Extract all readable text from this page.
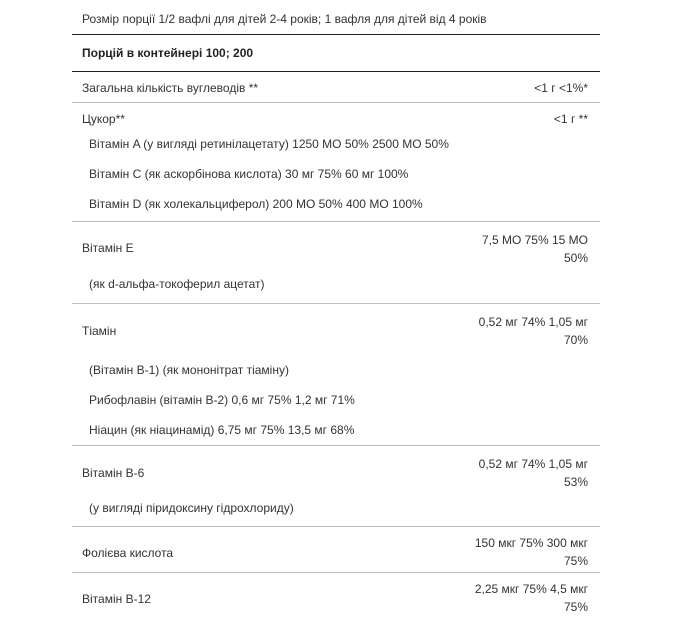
Розмір порції 1/2 вафлі для дітей 2-4 років; 1 вафля для дітей від 4 років
Порцій в контейнері 100; 200
Загальна кількість вуглеводів **	<1 г <1%*
Цукор**	<1 г **
Вітамін A (у вигляді ретинілацетату) 1250 МО 50% 2500 МО 50%
Вітамін C (як аскорбінова кислота) 30 мг 75% 60 мг 100%
Вітамін D (як холекальциферол) 200 МО 50% 400 МО 100%
Вітамін E
7,5 МО 75% 15 МО
50%
(як d-альфа-токоферил ацетат)
Тіамін
0,52 мг 74% 1,05 мг
70%
(Вітамін B-1) (як мононітрат тіаміну)
Рибофлавін (вітамін B-2) 0,6 мг 75% 1,2 мг 71%
Ніацин (як ніацинамід) 6,75 мг 75% 13,5 мг 68%
Вітамін B-6
0,52 мг 74% 1,05 мг
53%
(у вигляді піридоксину гідрохлориду)
Фолієва кислота
150 мкг 75% 300 мкг
75%
Вітамін B-12
2,25 мкг 75% 4,5 мкг
75%
